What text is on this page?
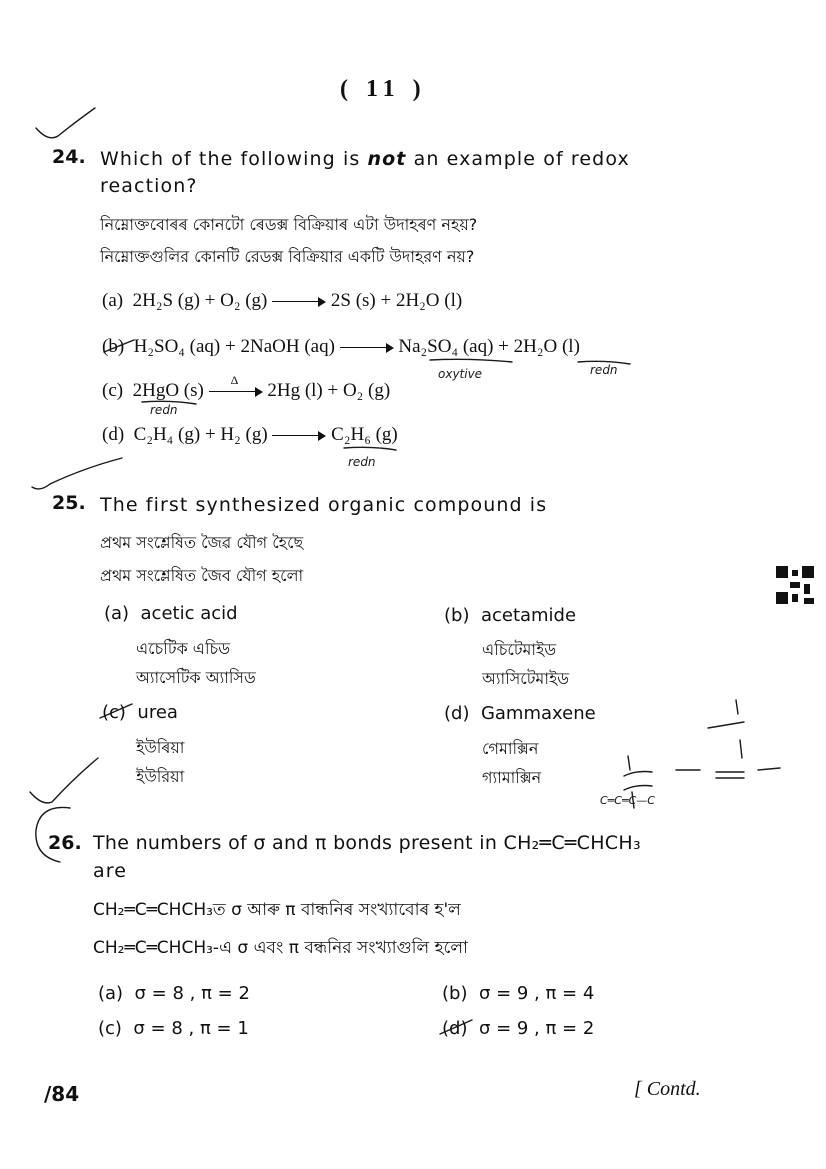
( 11 )
24. Which of the following is not an example of redox
reaction?
নিম্নোক্তবোৰৰ কোনটো ৰেডক্স বিক্ৰিয়াৰ এটা উদাহৰণ নহয়?
নিম্নোক্তগুলির কোনটি রেডক্স বিক্রিয়ার একটি উদাহরণ নয়?
(a) 2H₂S (g) + O₂ (g)	2S (s) + 2H₂O (l)
(b) H₂SO₄ (aq) + 2NaOH (aq)	Na₂SO₄ (aq) + 2H₂O (l)
(c) 2HgO (s)
Δ
2Hg (l) + O₂ (g)
(d) C₂H₄ (g) + H₂ (g)	C₂H₆ (g)
25. The first synthesized organic compound is
প্ৰথম সংশ্লেষিত জৈৱ যৌগ হৈছে
প্রথম সংশ্লেষিত জৈব যৌগ হলো
(a) acetic acid
এচেটিক এচিড
অ্যাসেটিক অ্যাসিড
(b) acetamide
এচিটেমাইড
অ্যাসিটেমাইড
(c) urea
ইউৰিয়া
ইউরিয়া
(d) Gammaxene
গেমাক্সিন
গ্যামাক্সিন
26. The numbers of σ and π bonds present in CH₂═C═CHCH₃
are
CH₂═C═CHCH₃ত σ আৰু π বান্ধনিৰ সংখ্যাবোৰ হ'ল
CH₂═C═CHCH₃-এ σ এবং π বন্ধনির সংখ্যাগুলি হলো
(a) σ = 8 , π = 2	(b) σ = 9 , π = 4
(c) σ = 8 , π = 1	(d) σ = 9 , π = 2
/84	[ Contd.
oxytive	redn
redn
redn
C═C═C—C
